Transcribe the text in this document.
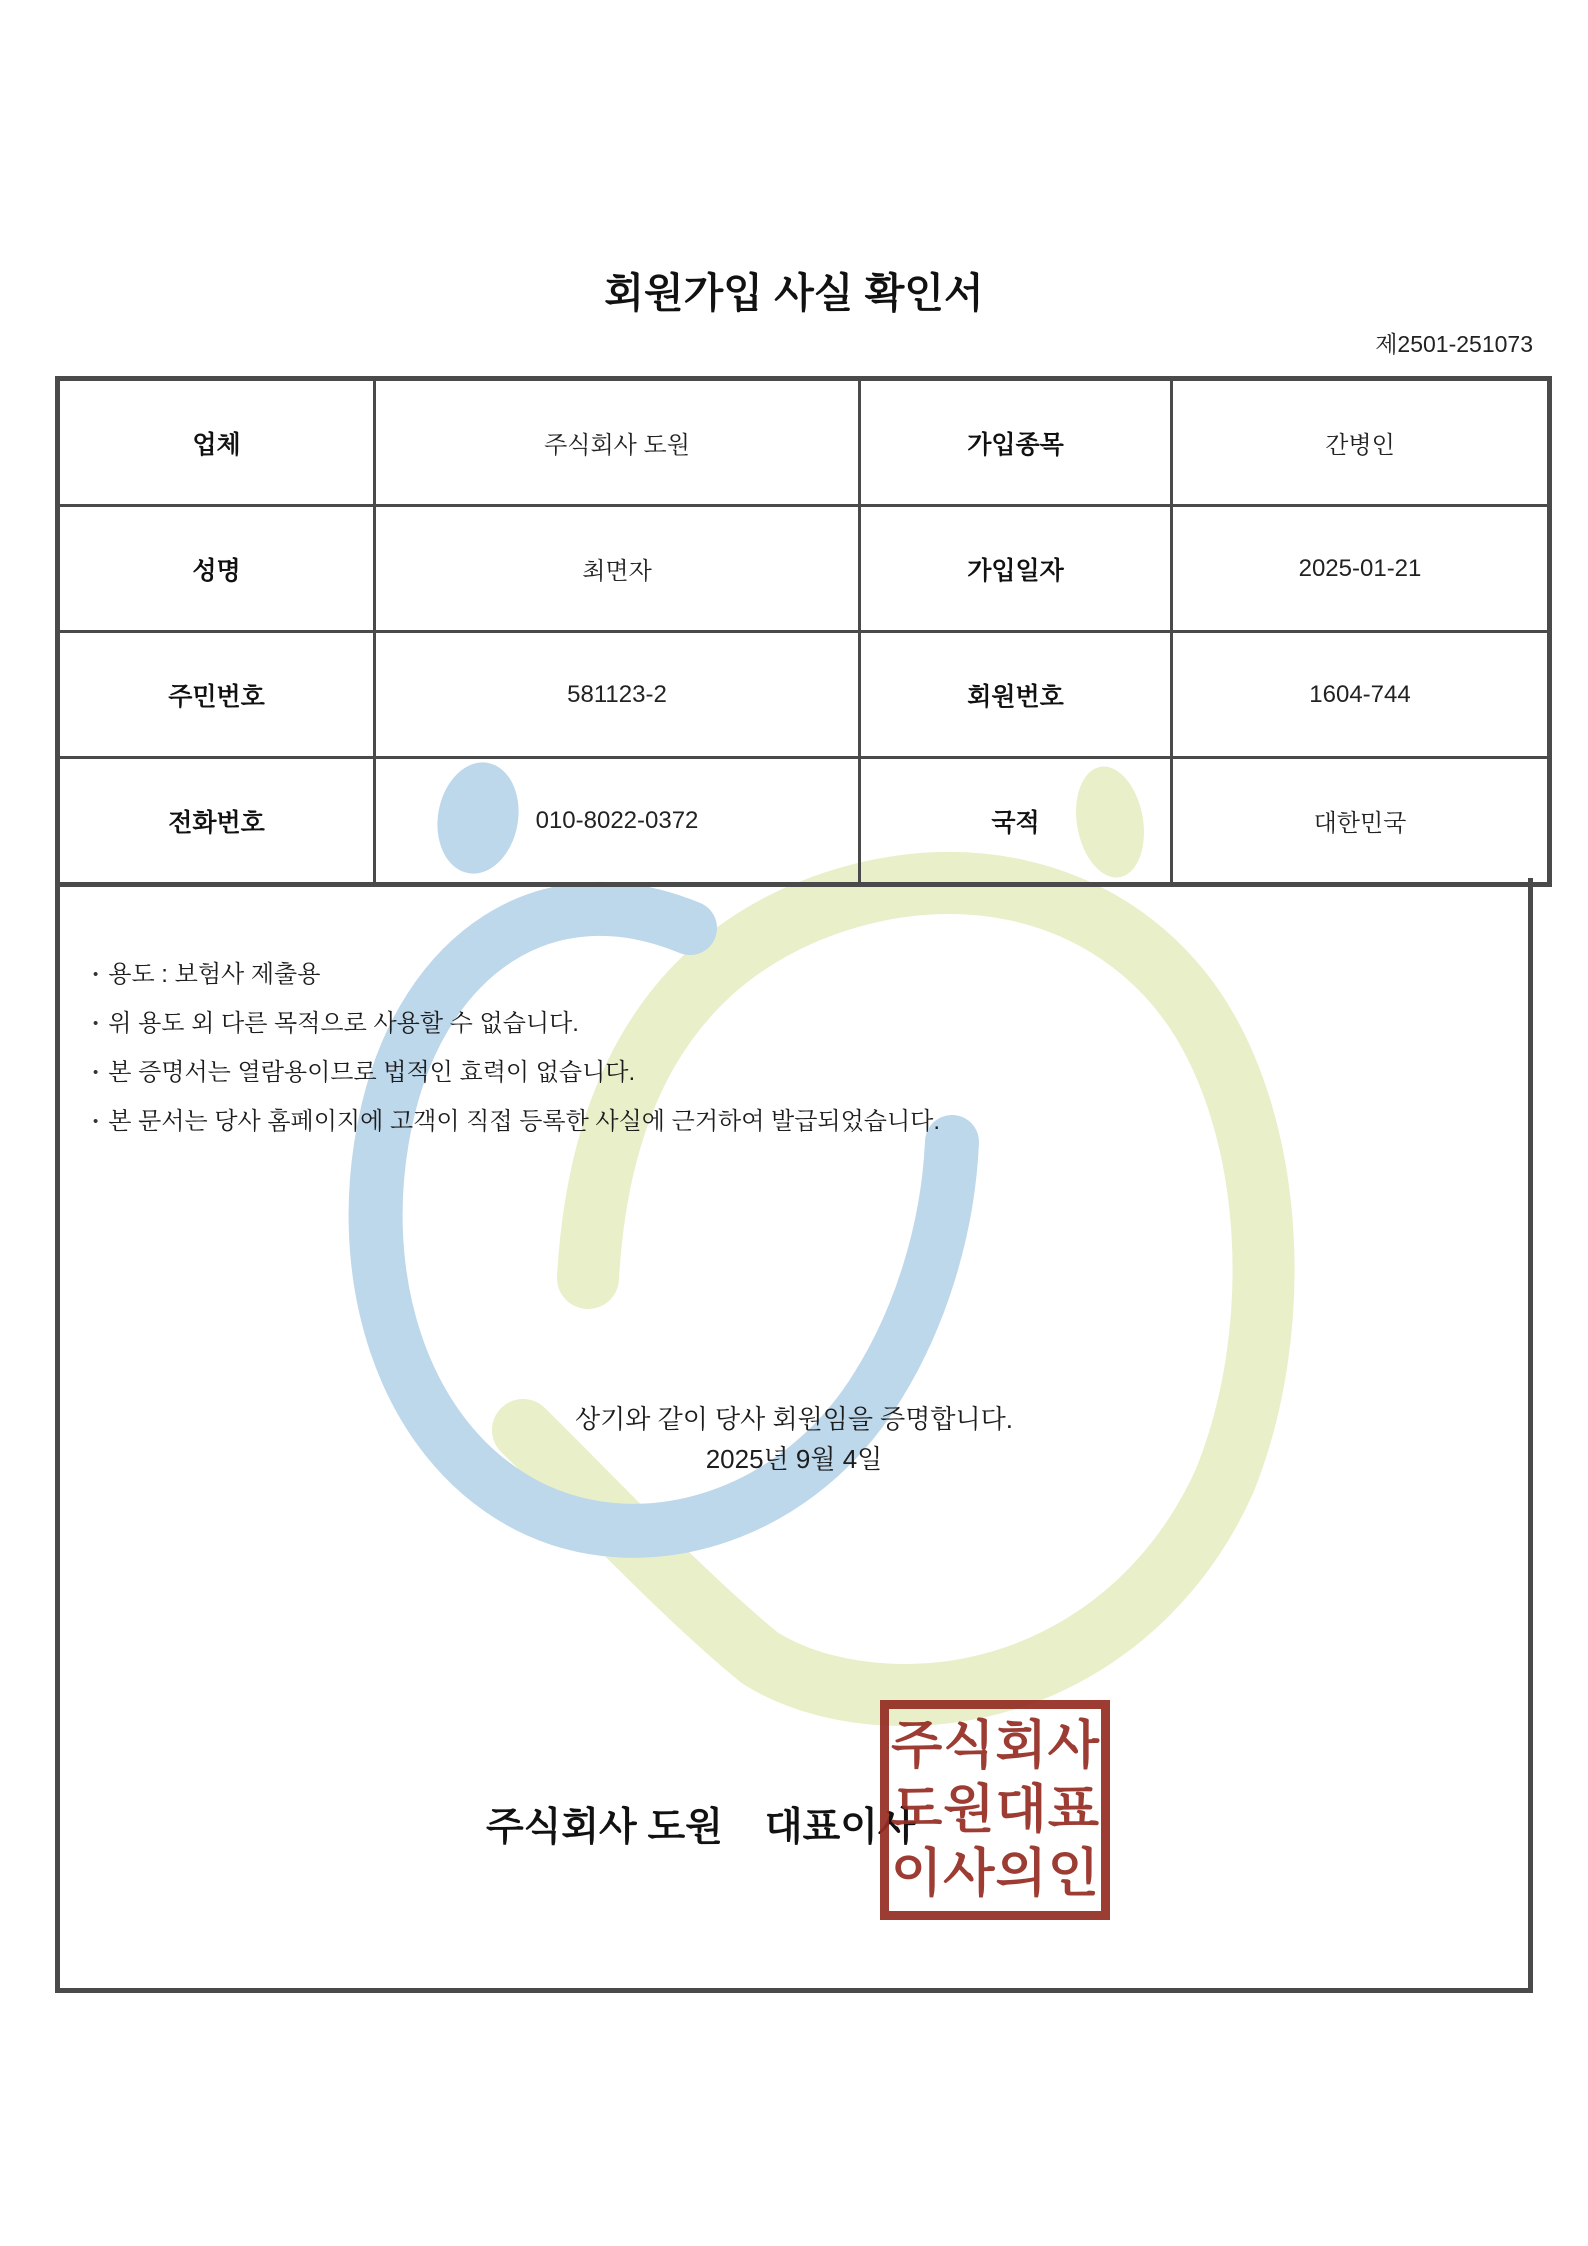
회원가입 사실 확인서
제2501-251073
업체	주식회사 도원	가입종목	간병인
성명	최면자	가입일자	2025-01-21
주민번호	581123-2	회원번호	1604-744
전화번호	010-8022-0372	국적	대한민국
• 용도 : 보험사 제출용
• 위 용도 외 다른 목적으로 사용할 수 없습니다.
• 본 증명서는 열람용이므로 법적인 효력이 없습니다.
• 본 문서는 당사 홈페이지에 고객이 직접 등록한 사실에 근거하여 발급되었습니다.
상기와 같이 당사 회원임을 증명합니다.
2025년 9월 4일
주식회사 도원 대표이사
주식회사
도원대표
이사의인
